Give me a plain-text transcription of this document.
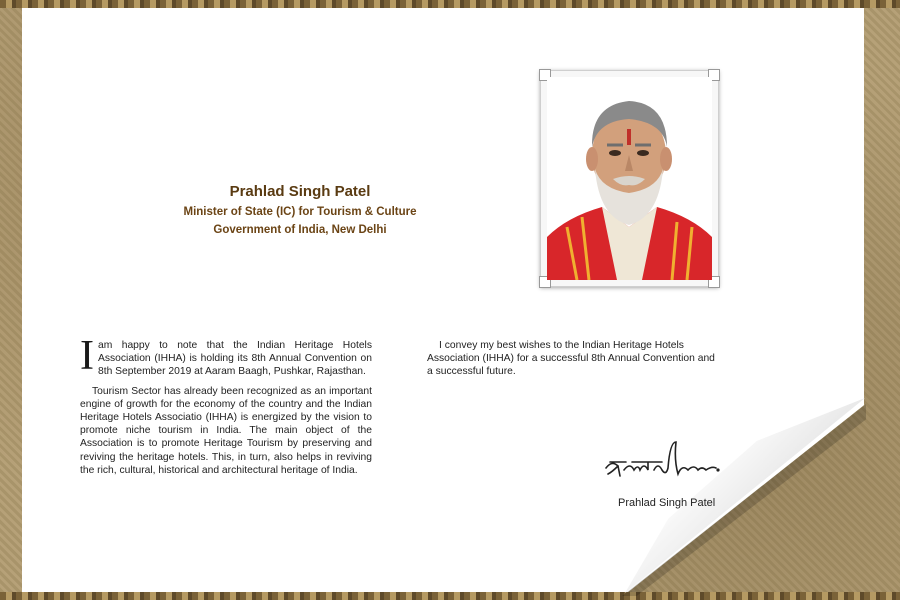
Prahlad Singh Patel
Minister of State (IC) for Tourism & Culture
Government of India, New Delhi

Iam happy to note that the Indian Heritage Hotels Association (IHHA) is holding its 8th Annual Convention on 8th September 2019 at Aaram Baagh, Pushkar, Rajasthan.

Tourism Sector has already been recognized as an important engine of growth for the economy of the country and the Indian Heritage Hotels Associatio (IHHA) is energized by the vision to promote niche tourism in India. The main object of the Association is to promote Heritage Tourism by preserving and reviving the heritage hotels. This, in turn, also helps in reviving the rich, cultural, historical and architectural heritage of India.

I convey my best wishes to the Indian Heritage Hotels Association (IHHA) for a successful 8th Annual Convention and a successful future.

Prahlad Singh Patel
